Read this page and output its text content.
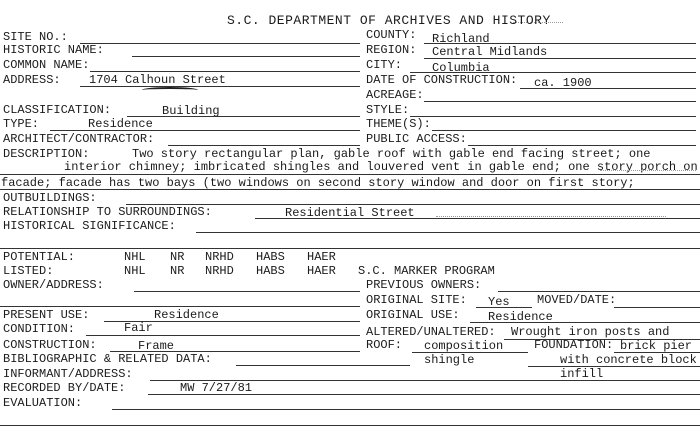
S.C. DEPARTMENT OF ARCHIVES AND HISTORY
SITE NO.:
HISTORIC NAME:
COMMON NAME:
ADDRESS: 1704 Calhoun Street
CLASSIFICATION:	Building
TYPE:	Residence
ARCHITECT/CONTRACTOR:
COUNTY: Richland
REGION: Central Midlands
CITY: Columbia
DATE OF CONSTRUCTION: ca. 1900
ACREAGE:
STYLE:
THEME(S):
PUBLIC ACCESS:
DESCRIPTION:	Two story rectangular plan, gable roof with gable end facing street; one
interior chimney; imbricated shingles and louvered vent in gable end; one story porch on
facade; facade has two bays (two windows on second story window and door on first story;
OUTBUILDINGS:
RELATIONSHIP TO SURROUNDINGS:	Residential Street
HISTORICAL SIGNIFICANCE:
POTENTIAL:	NHL NR NRHD HABS HAER
LISTED:	NHL NR NRHD HABS HAER S.C. MARKER PROGRAM
OWNER/ADDRESS:	PREVIOUS OWNERS:
ORIGINAL SITE: Yes MOVED/DATE:
PRESENT USE:	Residence	ORIGINAL USE: Residence
CONDITION:	Fair	ALTERED/UNALTERED: Wrought iron posts and
CONSTRUCTION:	Frame	ROOF: composition
shingle
FOUNDATION: brick pier
with concrete block
infill
BIBLIOGRAPHIC & RELATED DATA:
INFORMANT/ADDRESS:
RECORDED BY/DATE:	MW 7/27/81
EVALUATION:
